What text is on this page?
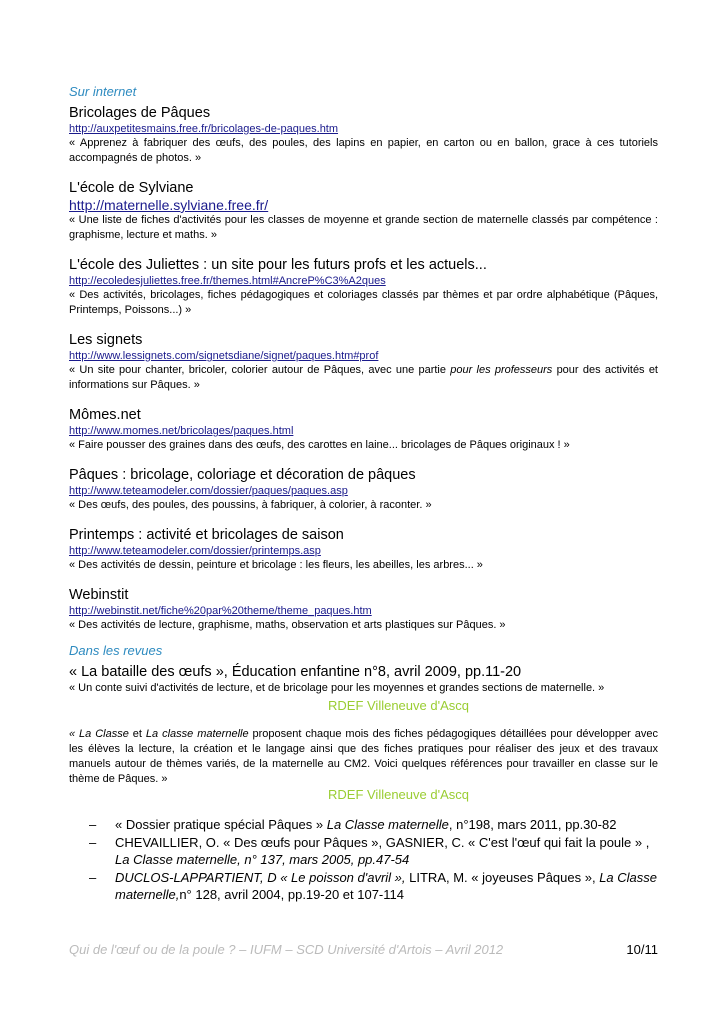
Sur internet
Bricolages de Pâques
http://auxpetitesmains.free.fr/bricolages-de-paques.htm
« Apprenez à fabriquer des œufs, des poules, des lapins en papier, en carton ou en ballon, grace à ces tutoriels accompagnés de photos. »
L'école de Sylviane
http://maternelle.sylviane.free.fr/
« Une liste de fiches d'activités pour les classes de moyenne et grande section de maternelle classés par compétence : graphisme, lecture et maths. »
L'école des Juliettes : un site pour les futurs profs et les actuels...
http://ecoledesjuliettes.free.fr/themes.html#AncreP%C3%A2ques
« Des activités, bricolages, fiches pédagogiques et coloriages classés par thèmes et par ordre alphabétique (Pâques, Printemps, Poissons...) »
Les signets
http://www.lessignets.com/signetsdiane/signet/paques.htm#prof
« Un site pour chanter, bricoler, colorier autour de Pâques, avec une partie pour les professeurs pour des activités et informations sur Pâques. »
Mômes.net
http://www.momes.net/bricolages/paques.html
« Faire pousser des graines dans des œufs, des carottes en laine... bricolages de Pâques originaux ! »
Pâques : bricolage, coloriage et décoration de pâques
http://www.teteamodeler.com/dossier/paques/paques.asp
« Des œufs, des poules, des poussins, à fabriquer, à colorier, à raconter. »
Printemps : activité et bricolages de saison
http://www.teteamodeler.com/dossier/printemps.asp
« Des activités de dessin, peinture et bricolage : les fleurs, les abeilles, les arbres... »
Webinstit
http://webinstit.net/fiche%20par%20theme/theme_paques.htm
« Des activités de lecture, graphisme, maths, observation et arts plastiques sur Pâques. »
Dans les revues
« La bataille des œufs », Éducation enfantine n°8, avril 2009, pp.11-20
« Un conte suivi d'activités de lecture, et de bricolage pour les moyennes et grandes sections de maternelle. »
RDEF Villeneuve d'Ascq
« La Classe et La classe maternelle proposent chaque mois des fiches pédagogiques détaillées pour développer avec les élèves la lecture, la création et le langage ainsi que des fiches pratiques pour réaliser des jeux et des travaux manuels autour de thèmes variés, de la maternelle au CM2. Voici quelques références pour travailler en classe sur le thème de Pâques. »
RDEF Villeneuve d'Ascq
– « Dossier pratique spécial Pâques » La Classe maternelle, n°198, mars 2011, pp.30-82
– CHEVAILLIER, O. « Des œufs pour Pâques », GASNIER, C. « C'est l'œuf qui fait la poule » , La Classe maternelle, n° 137, mars 2005, pp.47-54
– DUCLOS-LAPPARTIENT, D « Le poisson d'avril », LITRA, M. « joyeuses Pâques », La Classe maternelle,n° 128, avril 2004, pp.19-20 et 107-114
Qui de l'œuf ou de la poule ? – IUFM – SCD Université d'Artois – Avril 2012	10/11
